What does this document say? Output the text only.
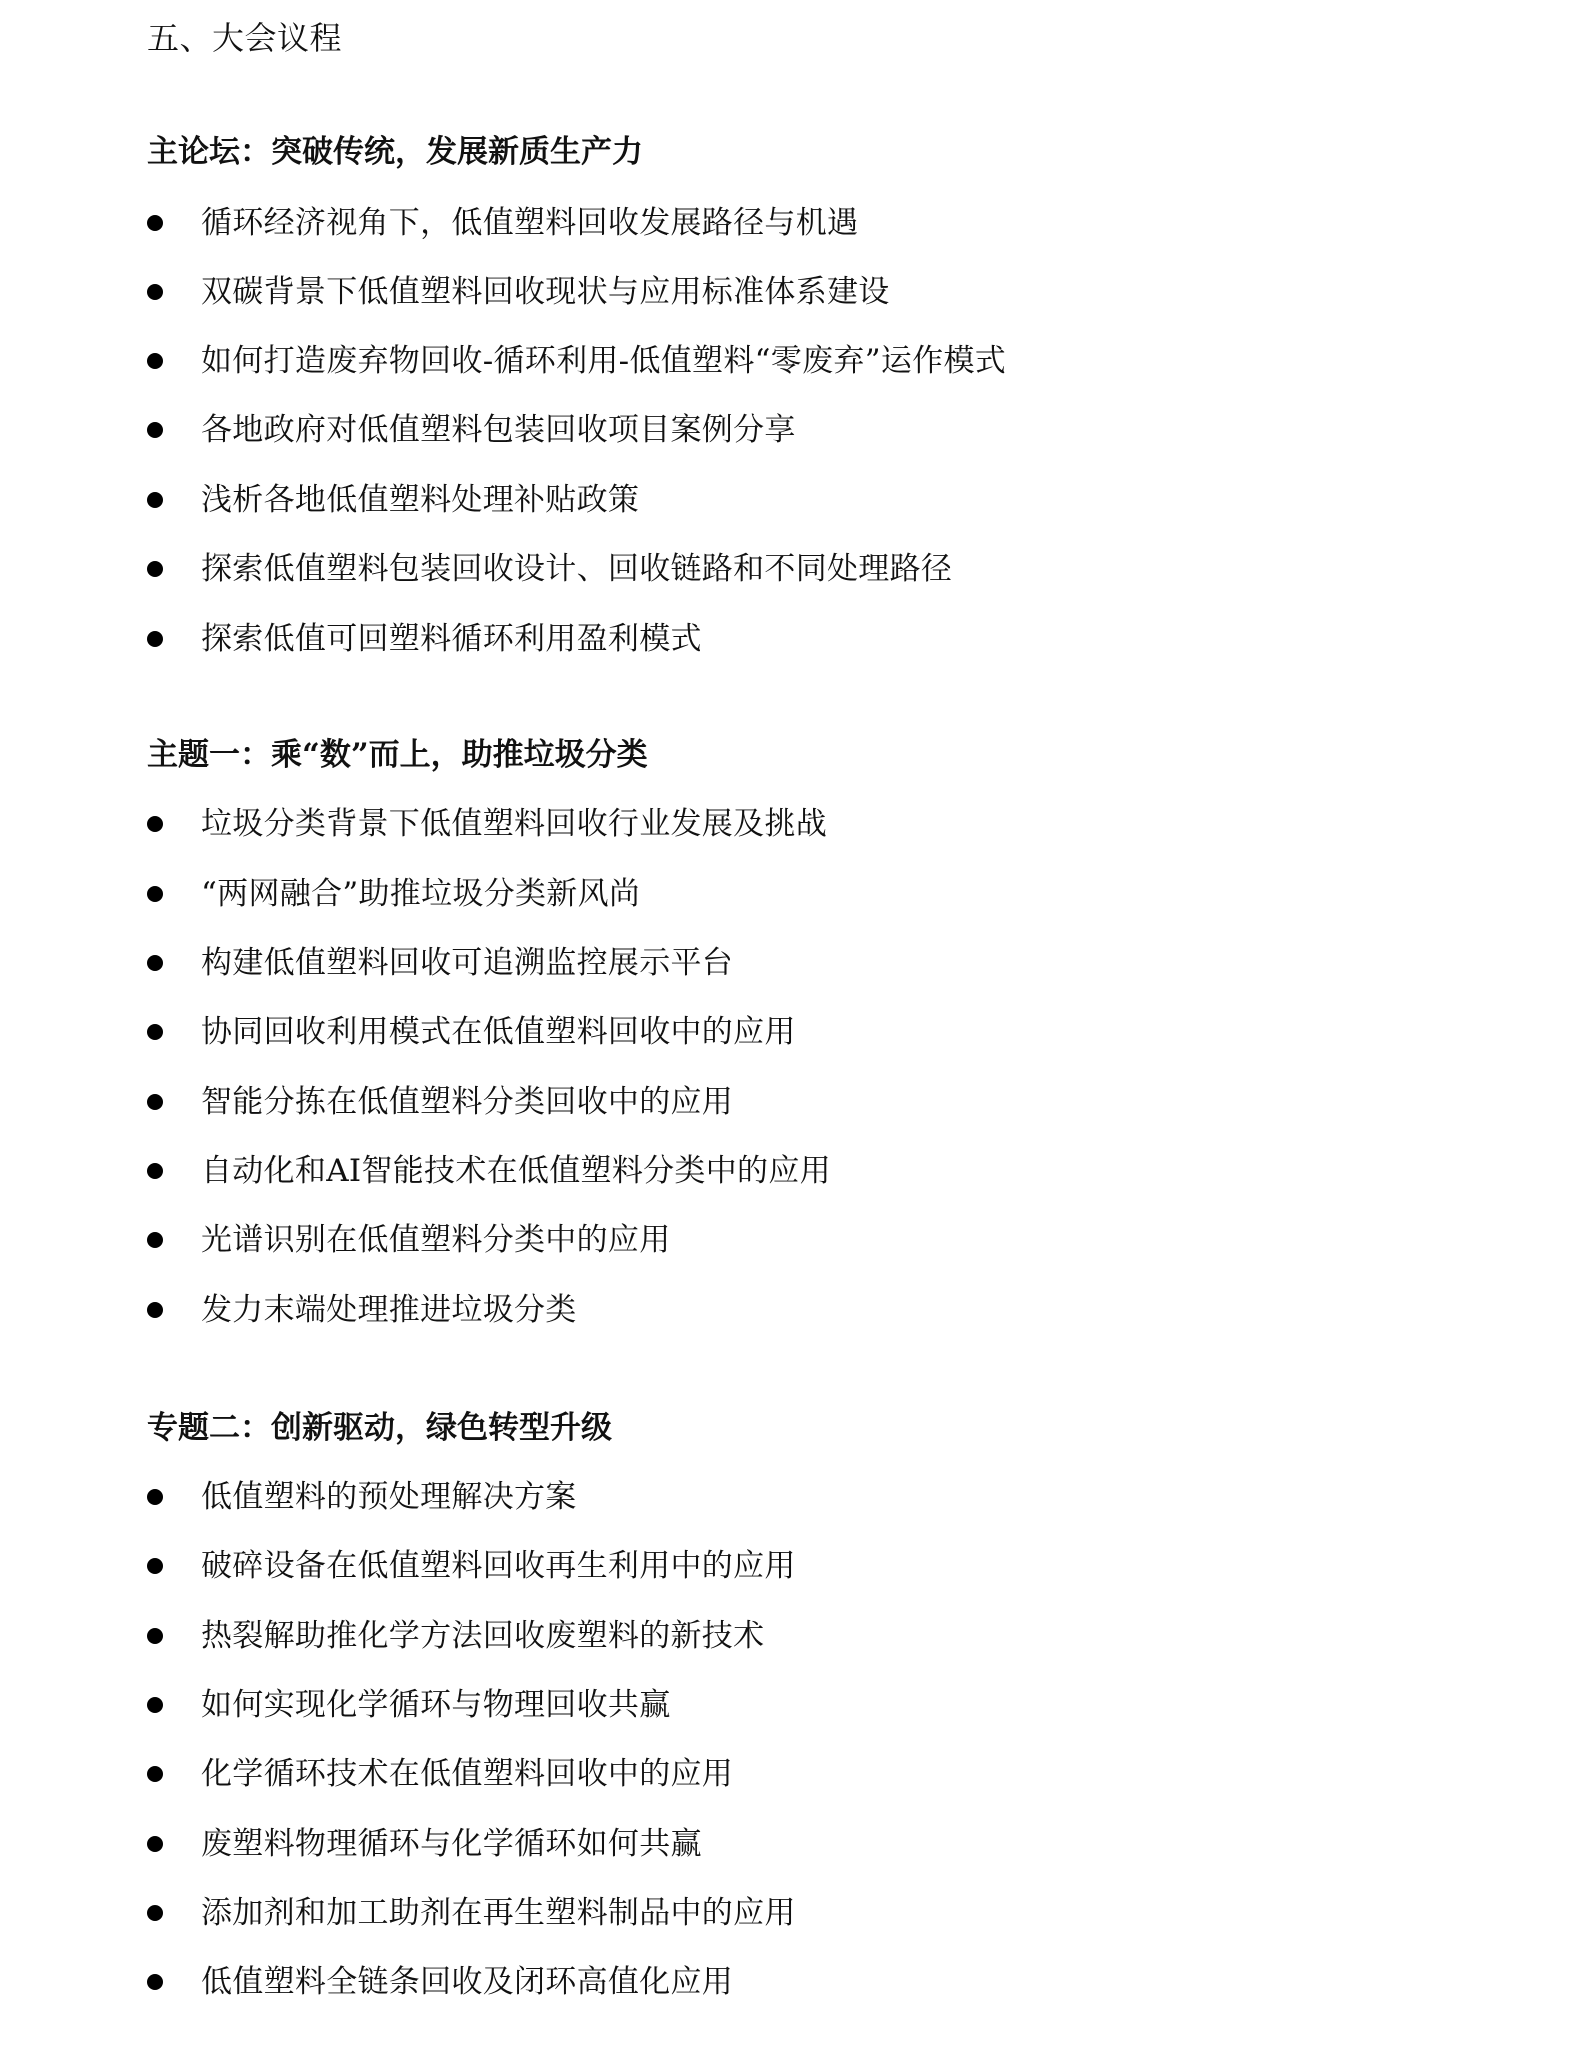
五、大会议程
主论坛：突破传统，发展新质生产力
循环经济视角下，低值塑料回收发展路径与机遇
双碳背景下低值塑料回收现状与应用标准体系建设
如何打造废弃物回收-循环利用-低值塑料“零废弃”运作模式
各地政府对低值塑料包装回收项目案例分享
浅析各地低值塑料处理补贴政策
探索低值塑料包装回收设计、回收链路和不同处理路径
探索低值可回塑料循环利用盈利模式
主题一：乘“数”而上，助推垃圾分类
垃圾分类背景下低值塑料回收行业发展及挑战
“两网融合”助推垃圾分类新风尚
构建低值塑料回收可追溯监控展示平台
协同回收利用模式在低值塑料回收中的应用
智能分拣在低值塑料分类回收中的应用
自动化和AI智能技术在低值塑料分类中的应用
光谱识别在低值塑料分类中的应用
发力末端处理推进垃圾分类
专题二：创新驱动，绿色转型升级
低值塑料的预处理解决方案
破碎设备在低值塑料回收再生利用中的应用
热裂解助推化学方法回收废塑料的新技术
如何实现化学循环与物理回收共赢
化学循环技术在低值塑料回收中的应用
废塑料物理循环与化学循环如何共赢
添加剂和加工助剂在再生塑料制品中的应用
低值塑料全链条回收及闭环高值化应用
